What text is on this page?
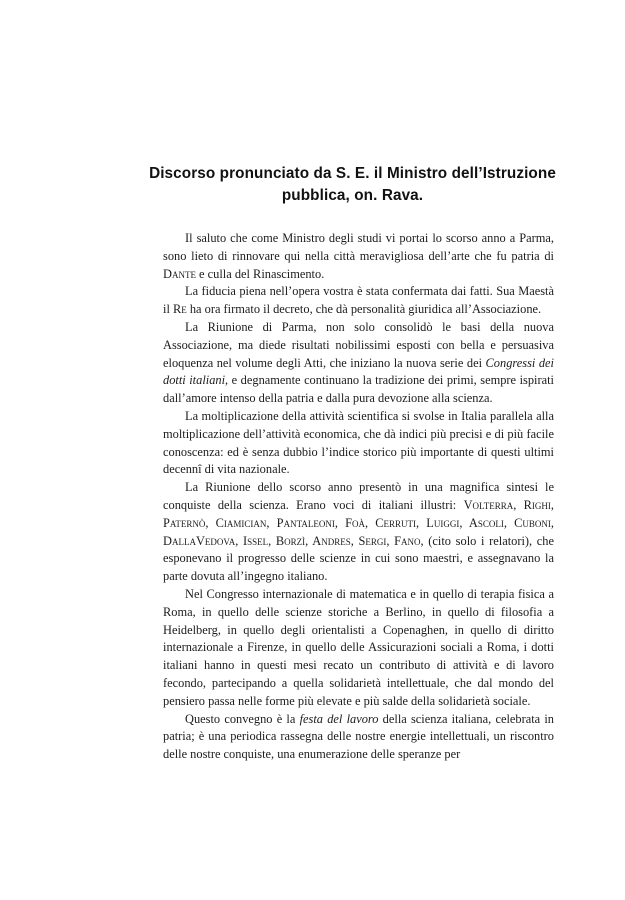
Discorso pronunciato da S. E. il Ministro dell’Istruzione
pubblica, on. Rava.

Il saluto che come Ministro degli studi vi portai lo scorso anno a Parma, sono lieto di rinnovare qui nella città meravigliosa dell’arte che fu patria di Dante e culla del Rinascimento.

La fiducia piena nell’opera vostra è stata confermata dai fatti. Sua Maestà il Re ha ora firmato il decreto, che dà personalità giuridica all’Associazione.

La Riunione di Parma, non solo consolidò le basi della nuova Associazione, ma diede risultati nobilissimi esposti con bella e persuasiva eloquenza nel volume degli Atti, che iniziano la nuova serie dei Congressi dei dotti italiani, e degnamente continuano la tradizione dei primi, sempre ispirati dall’amore intenso della patria e dalla pura devozione alla scienza.

La moltiplicazione della attività scientifica si svolse in Italia parallela alla moltiplicazione dell’attività economica, che dà indici più precisi e di più facile conoscenza: ed è senza dubbio l’indice storico più importante di questi ultimi decennî di vita nazionale.

La Riunione dello scorso anno presentò in una magnifica sintesi le conquiste della scienza. Erano voci di italiani illustri: Volterra, Righi, Paternò, Ciamician, Pantaleoni, Foà, Cerruti, Luiggi, Ascoli, Cuboni, DallaVedova, Issel, Borzì, Andres, Sergi, Fano, (cito solo i relatori), che esponevano il progresso delle scienze in cui sono maestri, e assegnavano la parte dovuta all’ingegno italiano.

Nel Congresso internazionale di matematica e in quello di terapia fisica a Roma, in quello delle scienze storiche a Berlino, in quello di filosofia a Heidelberg, in quello degli orientalisti a Copenaghen, in quello di diritto internazionale a Firenze, in quello delle Assicurazioni sociali a Roma, i dotti italiani hanno in questi mesi recato un contributo di attività e di lavoro fecondo, partecipando a quella solidarietà intellettuale, che dal mondo del pensiero passa nelle forme più elevate e più salde della solidarietà sociale.

Questo convegno è la festa del lavoro della scienza italiana, celebrata in patria; è una periodica rassegna delle nostre energie intellettuali, un riscontro delle nostre conquiste, una enumerazione delle speranze per
